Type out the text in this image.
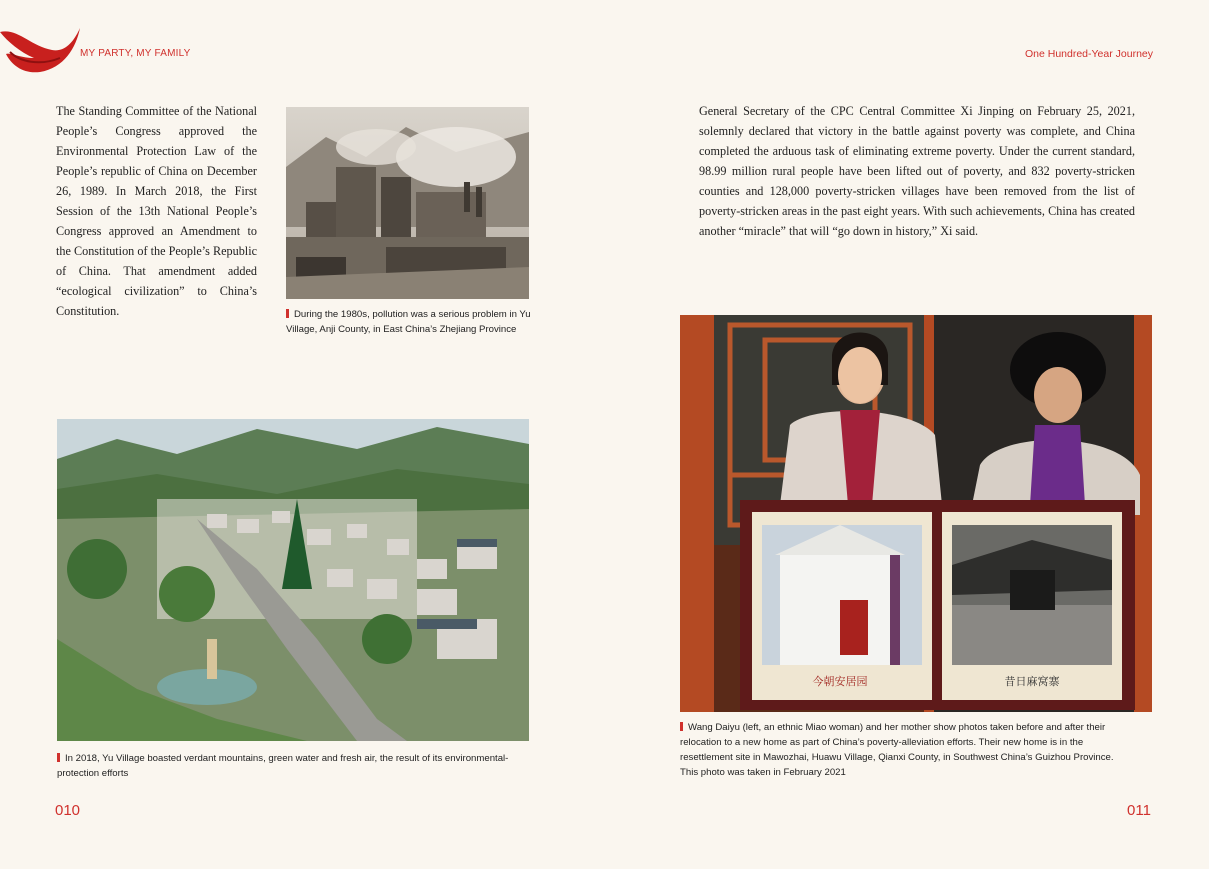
MY PARTY, MY FAMILY	One Hundred-Year Journey
The Standing Committee of the National People’s Congress approved the Environmental Protection Law of the People’s republic of China on December 26, 1989. In March 2018, the First Session of the 13th National People’s Congress approved an Amendment to the Constitution of the People’s Republic of China. That amendment added “ecological civilization” to China’s Constitution.	During the 1980s, pollution was a serious problem in Yu Village, Anji County, in East China’s Zhejiang Province
In 2018, Yu Village boasted verdant mountains, green water and fresh air, the result of its environmental-protection efforts
010
General Secretary of the CPC Central Committee Xi Jinping on February 25, 2021, solemnly declared that victory in the battle against poverty was complete, and China completed the arduous task of eliminating extreme poverty. Under the current standard, 98.99 million rural people have been lifted out of poverty, and 832 poverty-stricken counties and 128,000 poverty-stricken villages have been removed from the list of poverty-stricken areas in the past eight years. With such achievements, China has created another “miracle” that will “go down in history,” Xi said.
今朝安居园	昔日麻窝寨
Wang Daiyu (left, an ethnic Miao woman) and her mother show photos taken before and after their relocation to a new home as part of China’s poverty-alleviation efforts. Their new home is in the resettlement site in Mawozhai, Huawu Village, Qianxi County, in Southwest China’s Guizhou Province. This photo was taken in February 2021
011
